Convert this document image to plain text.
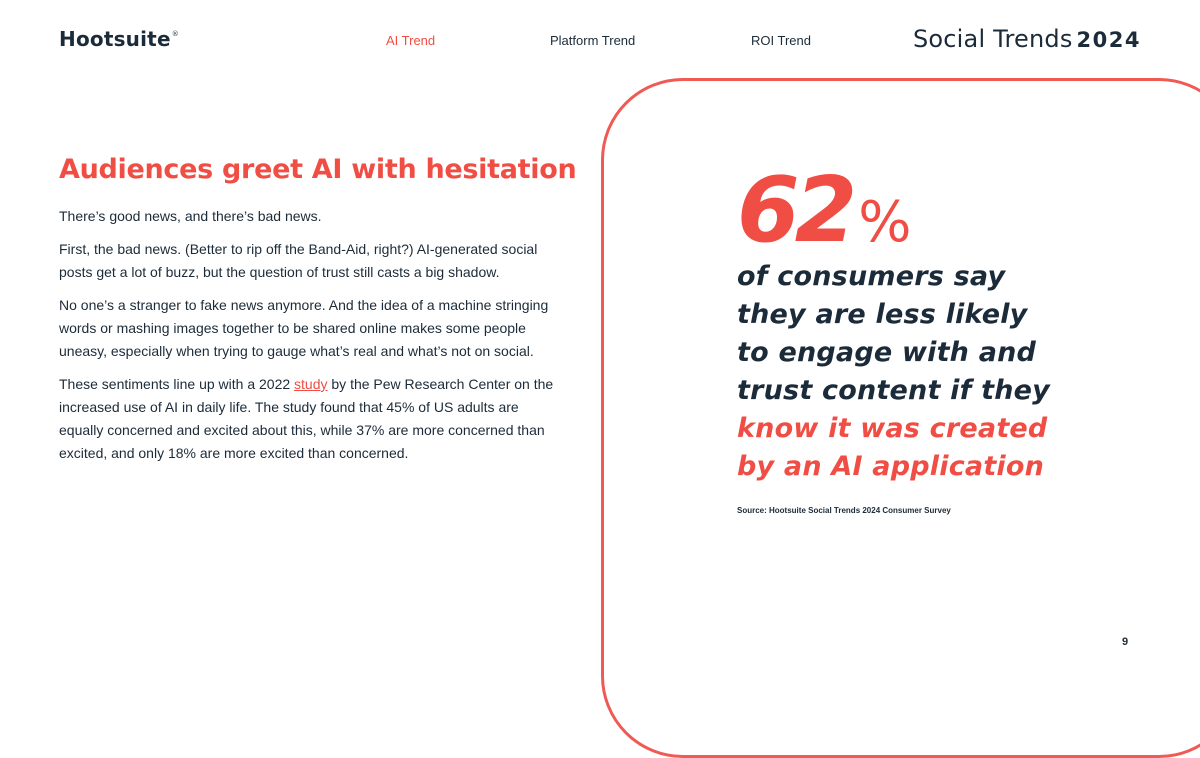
Hootsuite®	AI Trend	Platform Trend	ROI Trend	Social Trends 2024
Audiences greet AI with hesitation

There’s good news, and there’s bad news.

First, the bad news. (Better to rip off the Band-Aid, right?) AI-generated social posts get a lot of buzz, but the question of trust still casts a big shadow.

No one’s a stranger to fake news anymore. And the idea of a machine stringing words or mashing images together to be shared online makes some people uneasy, especially when trying to gauge what’s real and what’s not on social.

These sentiments line up with a 2022 study by the Pew Research Center on the increased use of AI in daily life. The study found that 45% of US adults are equally concerned and excited about this, while 37% are more concerned than excited, and only 18% are more excited than concerned.

62 %
of consumers say
they are less likely
to engage with and
trust content if they
know it was created
by an AI application
Source: Hootsuite Social Trends 2024 Consumer Survey
9
